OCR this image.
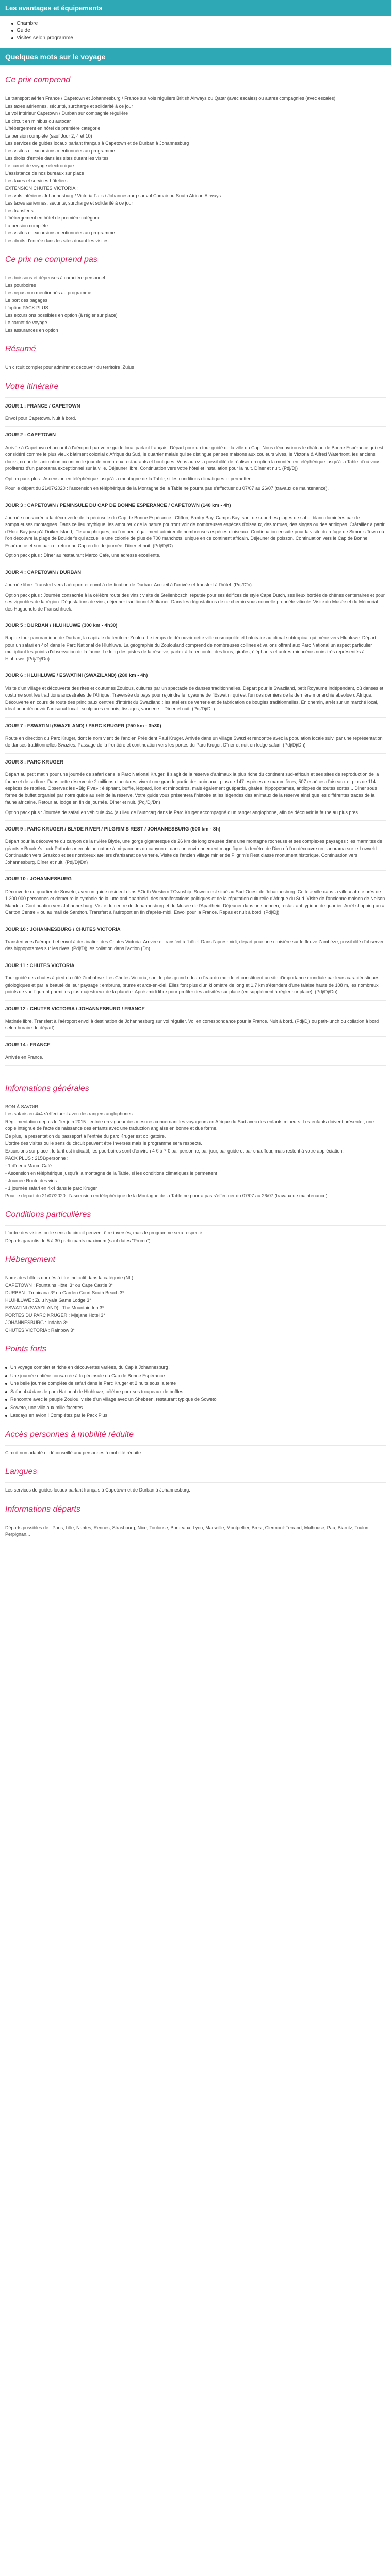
Les avantages et équipements
Chambre
Guide
Visites selon programme
Quelques mots sur le voyage
Ce prix comprend
Le transport aérien France / Capetown et Johannesburg / France sur vols réguliers British Airways ou Qatar (avec escales) ou autres compagnies (avec escales)
Les taxes aériennes, sécurité, surcharge et solidarité à ce jour
Le vol intérieur Capetown / Durban sur compagnie régulière
Le circuit en minibus ou autocar
L'hébergement en hôtel de première catégorie
La pension complète (sauf Jour 2, 4 et 10)
Les services de guides locaux parlant français à Capetown et de Durban à Johannesburg
Les visites et excursions mentionnées au programme
Les droits d'entrée dans les sites durant les visites
Le carnet de voyage électronique
L'assistance de nos bureaux sur place
Les taxes et services hôteliers
EXTENSION CHUTES VICTORIA :
Les vols intérieurs Johannesburg / Victoria Falls / Johannesburg sur vol Comair ou South African Airways
Les taxes aériennes, sécurité, surcharge et solidarité à ce jour
Les transferts
L'hébergement en hôtel de première catégorie
La pension complète
Les visites et excursions mentionnées au programme
Les droits d'entrée dans les sites durant les visites
Ce prix ne comprend pas
Les boissons et dépenses à caractère personnel
Les pourboires
Les repas non mentionnés au programme
Le port des bagages
L'option PACK PLUS
Les excursions possibles en option (à régler sur place)
Le carnet de voyage
Les assurances en option
Résumé
Un circuit complet pour admirer et découvrir du territoire !Zulus
Votre itinéraire
JOUR 1 : FRANCE / CAPETOWN
Envol pour Capetown. Nuit à bord.
JOUR 2 : CAPETOWN
Arrivée à Capetown et accueil à l'aéroport par votre guide local parlant français. Départ pour un tour guidé de la ville du Cap. Nous découvrirons le château de Bonne Espérance qui est considéré comme le plus vieux bâtiment colonial d'Afrique du Sud, le quartier malais qui se distingue par ses maisons aux couleurs vives, le Victoria & Alfred Waterfront, les anciens docks, cœur de l'animation où ont vu le jour de nombreux restaurants et boutiques. Vous aurez la possibilité de réaliser en option la montée en téléphérique jusqu'à la Table, d'où vous profiterez d'un panorama exceptionnel sur la ville. Déjeuner libre. Continuation vers votre hôtel et installation pour la nuit. Dîner et nuit. (Pdj/Dj)
Option pack plus : Ascension en téléphérique jusqu'à la montagne de la Table, si les conditions climatiques le permettent.
Pour le départ du 21/07/2020 : l'ascension en téléphérique de la Montagne de la Table ne pourra pas s'effectuer du 07/07 au 26/07 (travaux de maintenance).
JOUR 3 : CAPETOWN / PENINSULE DU CAP DE BONNE ESPERANCE / CAPETOWN (140 km - 4h)
Journée consacrée à la découverte de la péninsule du Cap de Bonne Espérance : Clifton, Bantry Bay, Camps Bay, sont de superbes plages de sable blanc dominées par de somptueuses montagnes. Dans ce lieu mythique, les amoureux de la nature pourront voir de nombreuses espèces d'oiseaux, des tortues, des singes ou des antilopes. Crâtaillez à partir d'Hout Bay jusqu'à Duiker Island, l'île aux phoques, où l'on peut également admirer de nombreuses espèces d'oiseaux. Continuation ensuite pour la visite du refuge de Simon's Town où l'on découvre la plage de Boulder's qui accueille une colonie de plus de 700 manchots, unique en ce continent africain. Déjeuner de poisson. Continuation vers le Cap de Bonne Espérance et son parc et retour au Cap en fin de journée. Dîner et nuit. (Pdj/Dj/D)
Option pack plus : Dîner au restaurant Marco Cafe, une adresse excellente.
JOUR 4 : CAPETOWN / DURBAN
Journée libre. Transfert vers l'aéroport et envol à destination de Durban. Accueil à l'arrivée et transfert à l'hôtel. (Pdj/Dîn).
Option pack plus : Journée consacrée à la célèbre route des vins : visite de Stellenbosch, réputée pour ses édifices de style Cape Dutch, ses lieux bordés de chênes centenaires et pour ses vignobles de la région. Dégustations de vins, déjeuner traditionnel Afrikaner. Dans les dégustations de ce chemin vous nouvelle propriété viticole. Visite du Musée et du Mémorial des Huguenots de Franschhoek.
JOUR 5 : DURBAN / HLUHLUWE (300 km - 4h30)
Rapide tour panoramique de Durban, la capitale du territoire Zoulou. Le temps de découvrir cette ville cosmopolite et balnéaire au climat subtropical qui mène vers Hluhluwe. Départ pour un safari en 4x4 dans le Parc National de Hluhluwe. La géographie du Zoulouland comprend de nombreuses collines et vallons offrant aux Parc National un aspect particulier multipliant les points d'observation de la faune. Le long des pistes de la réserve, partez à la rencontre des lions, girafes, éléphants et autres rhinocéros noirs très représentés à Hluhluwe. (Pdj/Dj/Dn)
JOUR 6 : HLUHLUWE / ESWATINI (SWAZILAND) (280 km - 4h)
Visite d'un village et découverte des rites et coutumes Zoulous, cultures par un spectacle de danses traditionnelles. Départ pour le Swaziland, petit Royaume indépendant, où danses et costume sont les traditions ancestrales de l'Afrique. Traversée du pays pour rejoindre le royaume de l'Eswatini qui est l'un des derniers de la dernière monarchie absolue d'Afrique. Découverte en cours de route des principaux centres d'intérêt du Swaziland : les ateliers de verrerie et de fabrication de bougies traditionnelles. En chemin, arrêt sur un marché local, idéal pour découvrir l'artisanat local : sculptures en bois, tissages, vannerie... Dîner et nuit. (Pdj/Dj/Dn)
JOUR 7 : ESWATINI (SWAZILAND) / PARC KRUGER (250 km - 3h30)
Route en direction du Parc Kruger, dont le nom vient de l'ancien Président Paul Kruger. Arrivée dans un village Swazi et rencontre avec la population locale suivi par une représentation de danses traditionnelles Swazies. Passage de la frontière et continuation vers les portes du Parc Kruger. Dîner et nuit en lodge safari. (Pdj/Dj/Dn)
JOUR 8 : PARC KRUGER
Départ au petit matin pour une journée de safari dans le Parc National Kruger. Il s'agit de la réserve d'animaux la plus riche du continent sud-africain et ses sites de reproduction de la faune et de sa flore. Dans cette réserve de 2 millions d'hectares, vivent une grande partie des animaux : plus de 147 espèces de mammifères, 507 espèces d'oiseaux et plus de 114 espèces de reptiles. Observez les «Big Five» : éléphant, buffle, léopard, lion et rhinocéros, mais également guépards, girafes, hippopotames, antilopes de toutes sortes... Dîner sous forme de buffet organisé par notre guide au sein de la réserve. Votre guide vous présentera l'histoire et les légendes des animaux de la réserve ainsi que les différentes traces de la faune africaine. Retour au lodge en fin de journée. Dîner et nuit. (Pdj/Dj/Dn)
Option pack plus : Journée de safari en véhicule 4x4 (au lieu de l'autocar) dans le Parc Kruger accompagné d'un ranger anglophone, afin de découvrir la faune au plus près.
JOUR 9 : PARC KRUGER / BLYDE RIVER / PILGRIM'S REST / JOHANNESBURG (500 km - 8h)
Départ pour la découverte du canyon de la rivière Blyde, une gorge gigantesque de 26 km de long creusée dans une montagne rocheuse et ses complexes paysages : les marmites de géants « Bourke's Luck Potholes » en pleine nature à mi-parcours du canyon et dans un environnement magnifique, la fenêtre de Dieu où l'on découvre un panorama sur le Lowveld. Continuation vers Graskop et ses nombreux ateliers d'artisanat de verrerie. Visite de l'ancien village minier de Pilgrim's Rest classé monument historique. Continuation vers Johannesburg. Dîner et nuit. (Pdj/Dj/Dn)
JOUR 10 : JOHANNESBURG
Découverte du quartier de Soweto, avec un guide résident dans SOuth Western TOwnship. Soweto est situé au Sud-Ouest de Johannesburg. Cette « ville dans la ville » abrite près de 1.300.000 personnes et demeure le symbole de la lutte anti-apartheid, des manifestations politiques et de la réputation culturelle d'Afrique du Sud. Visite de l'ancienne maison de Nelson Mandela. Continuation vers Johannesburg. Visite du centre de Johannesburg et du Musée de l'Apartheid. Déjeuner dans un shebeen, restaurant typique de quartier. Arrêt shopping au « Carlton Centre » ou au mall de Sandton. Transfert à l'aéroport en fin d'après-midi. Envol pour la France. Repas et nuit à bord. (Pdj/Dj)
JOUR 10 : JOHANNESBURG / CHUTES VICTORIA
Transfert vers l'aéroport et envol à destination des Chutes Victoria. Arrivée et transfert à l'hôtel. Dans l'après-midi, départ pour une croisière sur le fleuve Zambèze, possibilité d'observer des hippopotames sur les rives. (Pdj/Dj) les collation dans l'action (Dn).
JOUR 11 : CHUTES VICTORIA
Tour guidé des chutes à pied du côté Zimbabwe. Les Chutes Victoria, sont le plus grand rideau d'eau du monde et constituent un site d'importance mondiale par leurs caractéristiques géologiques et par la beauté de leur paysage : embruns, brume et arcs-en-ciel. Elles font plus d'un kilomètre de long et 1,7 km s'étendent d'une falaise haute de 108 m, les nombreux points de vue figurent parmi les plus majestueux de la planète. Après-midi libre pour profiter des activités sur place (en supplément à régler sur place). (Pdj/Dj/Dn)
JOUR 12 : CHUTES VICTORIA / JOHANNESBURG / FRANCE
Matinée libre. Transfert à l'aéroport envol à destination de Johannesburg sur vol régulier. Vol en correspondance pour la France. Nuit à bord. (Pdj/Dj) ou petit-lunch ou collation à bord selon horaire de départ).
JOUR 14 : FRANCE
Arrivée en France.
Informations générales
BON À SAVOIR
Les safaris en 4x4 s'effectuent avec des rangers anglophones.
Réglementation depuis le 1er juin 2015 : entrée en vigueur des mesures concernant les voyageurs en Afrique du Sud avec des enfants mineurs. Les enfants doivent présenter, une copie intégrale de l'acte de naissance des enfants avec une traduction anglaise en bonne et due forme.
De plus, la présentation du passeport à l'entrée du parc Kruger est obligatoire.
L'ordre des visites ou le sens du circuit peuvent être inversés mais le programme sera respecté.
Excursions sur place : le tarif est indicatif, les pourboires sont d'environ 4 € à 7 € par personne, par jour, par guide et par chauffeur, mais restent à votre appréciation.
PACK PLUS : 215€/personne :
- 1 dîner à Marco Café
- Ascension en téléphérique jusqu'à la montagne de la Table, si les conditions climatiques le permettent
- Journée Route des vins
- 1 journée safari en 4x4 dans le parc Kruger
Pour le départ du 21/07/2020 : l'ascension en téléphérique de la Montagne de la Table ne pourra pas s'effectuer du 07/07 au 26/07 (travaux de maintenance).
Conditions particulières
L'ordre des visites ou le sens du circuit peuvent être inversés, mais le programme sera respecté.
Départs garantis de 5 à 30 participants maximum (sauf dates "Promo").
Hébergement
Noms des hôtels donnés à titre indicatif dans la catégorie (NL)
CAPETOWN : Fountains Hôtel 3* ou Cape Castle 3*
DURBAN : Tropicana 3* ou Garden Court South Beach 3*
HLUHLUWE : Zulu Nyala Game Lodge 3*
ESWATINI (SWAZILAND) : The Mountain Inn 3*
PORTES DU PARC KRUGER : Mjejane Hotel 3*
JOHANNESBURG : Indaba 3*
CHUTES VICTORIA : Rainbow 3*
Points forts
Un voyage complet et riche en découvertes variées, du Cap à Johannesburg !
Une journée entière consacrée à la péninsule du Cap de Bonne Espérance
Une belle journée complète de safari dans le Parc Kruger et 2 nuits sous la tente
Safari 4x4 dans le parc National de Hluhluwe, célèbre pour ses troupeaux de buffles
Rencontre avec le peuple Zoulou, visite d'un village avec un Shebeen, restaurant typique de Soweto
Soweto, une ville aux mille facettes
Lasdays en avion ! Complétez par le Pack Plus
Accès personnes à mobilité réduite
Circuit non adapté et déconseillé aux personnes à mobilité réduite.
Langues
Les services de guides locaux parlant français à Capetown et de Durban à Johannesburg.
Informations départs
Départs possibles de : Paris, Lille, Nantes, Rennes, Strasbourg, Nice, Toulouse, Bordeaux, Lyon, Marseille, Montpellier, Brest, Clermont-Ferrand, Mulhouse, Pau, Biarritz, Toulon, Perpignan...
